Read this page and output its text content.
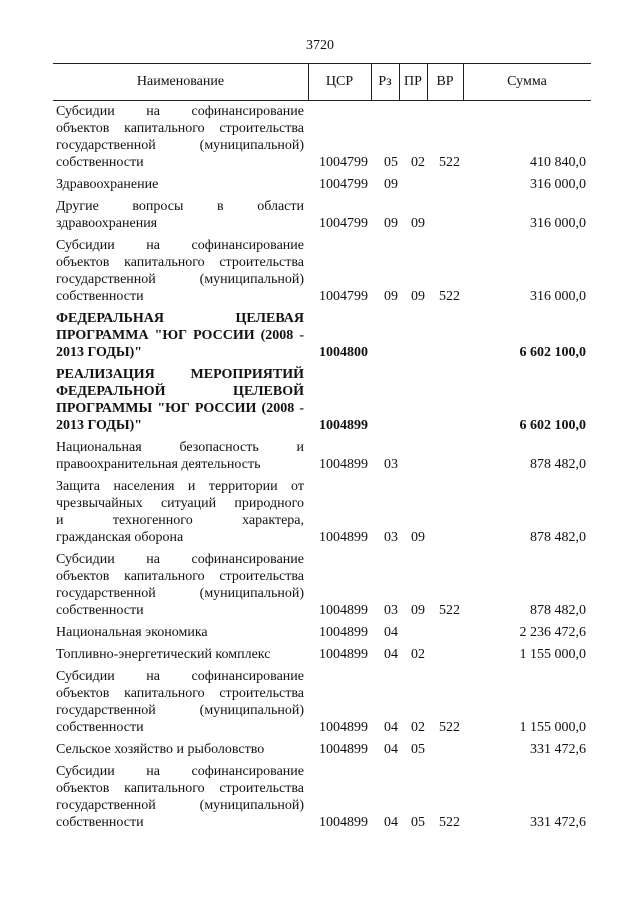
3720
Наименование	ЦСР	Рз ПР	ВР	Сумма
Субсидии на софинансирование
объектов капитального строительства
государственной (муниципальной)
собственности	1004799 05 02 522	410 840,0
Здравоохранение	1004799 09	316 000,0
Другие вопросы в области
здравоохранения	1004799 09 09	316 000,0
Субсидии на софинансирование
объектов капитального строительства
государственной (муниципальной)
собственности	1004799 09 09 522	316 000,0
ФЕДЕРАЛЬНАЯ ЦЕЛЕВАЯ
ПРОГРАММА "ЮГ РОССИИ (2008 -
2013 ГОДЫ)"	1004800	6 602 100,0
РЕАЛИЗАЦИЯ МЕРОПРИЯТИЙ
ФЕДЕРАЛЬНОЙ ЦЕЛЕВОЙ
ПРОГРАММЫ "ЮГ РОССИИ (2008 -
2013 ГОДЫ)"	1004899	6 602 100,0
Национальная безопасность и
правоохранительная деятельность	1004899 03	878 482,0
Защита населения и территории от
чрезвычайных ситуаций природного
и техногенного характера,
гражданская оборона	1004899 03 09	878 482,0
Субсидии на софинансирование
объектов капитального строительства
государственной (муниципальной)
собственности	1004899 03 09 522	878 482,0
Национальная экономика	1004899 04	2 236 472,6
Топливно-энергетический комплекс	1004899 04 02	1 155 000,0
Субсидии на софинансирование
объектов капитального строительства
государственной (муниципальной)
собственности	1004899 04 02 522	1 155 000,0
Сельское хозяйство и рыболовство	1004899 04 05	331 472,6
Субсидии на софинансирование
объектов капитального строительства
государственной (муниципальной)
собственности	1004899 04 05 522	331 472,6
